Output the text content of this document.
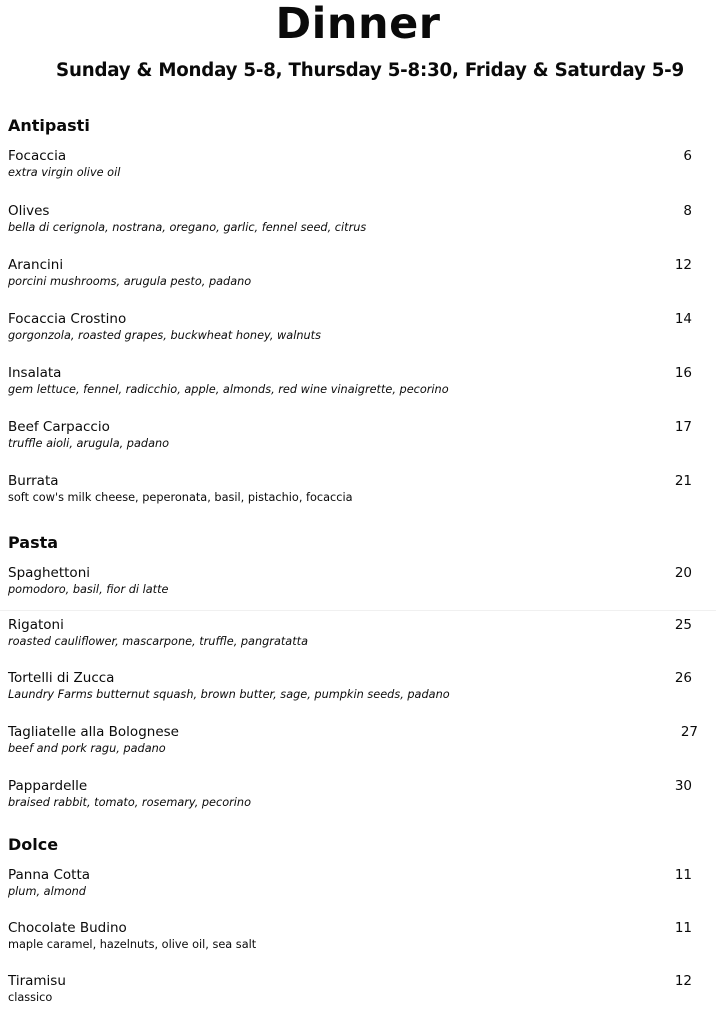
Dinner
Sunday & Monday 5-8, Thursday 5-8:30, Friday & Saturday 5-9
Antipasti
Focaccia
extra virgin olive oil
6
Olives
bella di cerignola, nostrana, oregano, garlic, fennel seed, citrus
8
Arancini
porcini mushrooms, arugula pesto, padano
12
Focaccia Crostino
gorgonzola, roasted grapes, buckwheat honey, walnuts
14
Insalata
gem lettuce, fennel, radicchio, apple, almonds, red wine vinaigrette, pecorino
16
Beef Carpaccio
truffle aioli, arugula, padano
17
Burrata
soft cow's milk cheese, peperonata, basil, pistachio, focaccia
21
Pasta
Spaghettoni
pomodoro, basil, fior di latte
20
Rigatoni
roasted cauliflower, mascarpone, truffle, pangratatta
25
Tortelli di Zucca
Laundry Farms butternut squash, brown butter, sage, pumpkin seeds, padano
26
Tagliatelle alla Bolognese
beef and pork ragu, padano
27
Pappardelle
braised rabbit, tomato, rosemary, pecorino
30
Dolce
Panna Cotta
plum, almond
11
Chocolate Budino
maple caramel, hazelnuts, olive oil, sea salt
11
Tiramisu
classico
12
